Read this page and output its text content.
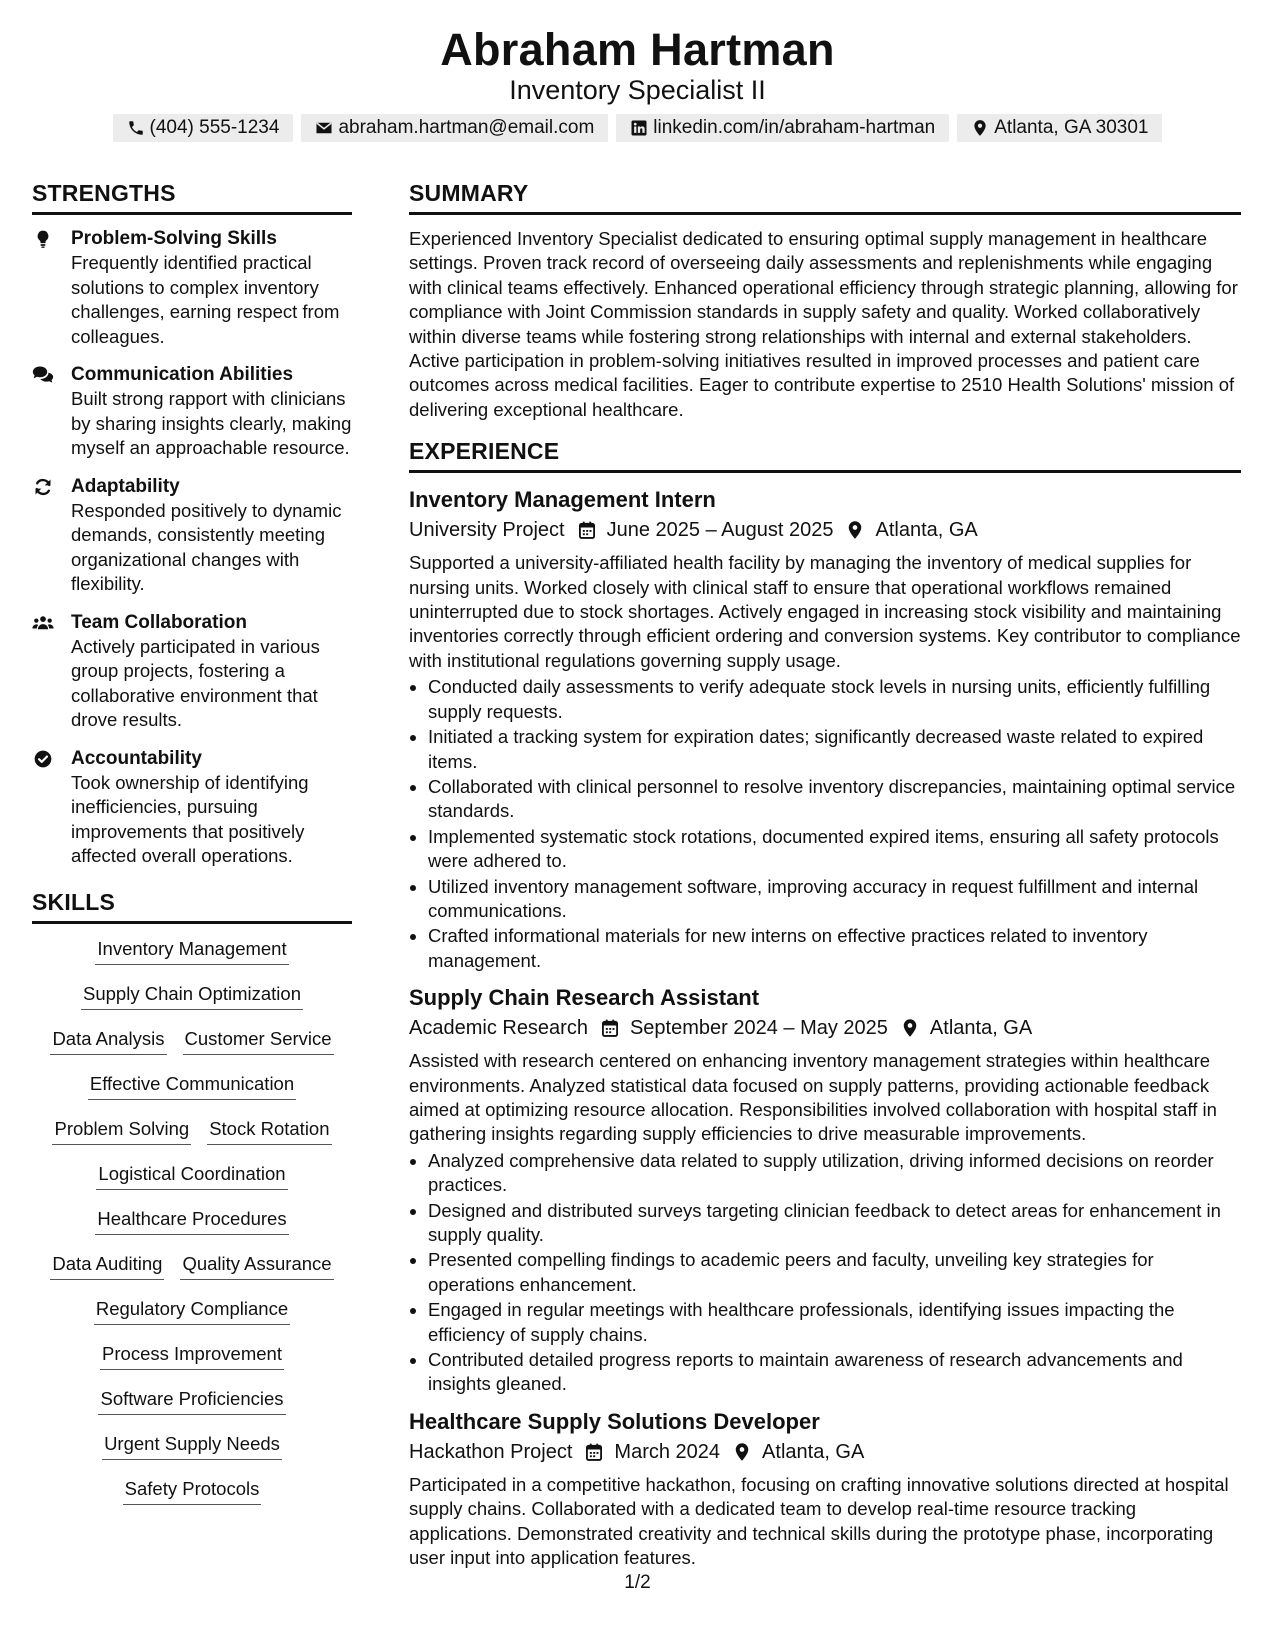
Abraham Hartman
Inventory Specialist II
(404) 555-1234	abraham.hartman@email.com	linkedin.com/in/abraham-hartman	Atlanta, GA 30301
STRENGTHS
Problem-Solving Skills
Frequently identified practical solutions to complex inventory challenges, earning respect from colleagues.
Communication Abilities
Built strong rapport with clinicians by sharing insights clearly, making myself an approachable resource.
Adaptability
Responded positively to dynamic demands, consistently meeting organizational changes with flexibility.
Team Collaboration
Actively participated in various group projects, fostering a collaborative environment that drove results.
Accountability
Took ownership of identifying inefficiencies, pursuing improvements that positively affected overall operations.
SKILLS
Inventory Management
Supply Chain Optimization
Data Analysis Customer Service
Effective Communication
Problem Solving Stock Rotation
Logistical Coordination
Healthcare Procedures
Data Auditing Quality Assurance
Regulatory Compliance
Process Improvement
Software Proficiencies
Urgent Supply Needs
Safety Protocols
SUMMARY
Experienced Inventory Specialist dedicated to ensuring optimal supply management in healthcare settings. Proven track record of overseeing daily assessments and replenishments while engaging with clinical teams effectively. Enhanced operational efficiency through strategic planning, allowing for compliance with Joint Commission standards in supply safety and quality. Worked collaboratively within diverse teams while fostering strong relationships with internal and external stakeholders. Active participation in problem-solving initiatives resulted in improved processes and patient care outcomes across medical facilities. Eager to contribute expertise to 2510 Health Solutions' mission of delivering exceptional healthcare.
EXPERIENCE
Inventory Management Intern
University Project June 2025 – August 2025 Atlanta, GA
Supported a university-affiliated health facility by managing the inventory of medical supplies for nursing units. Worked closely with clinical staff to ensure that operational workflows remained uninterrupted due to stock shortages. Actively engaged in increasing stock visibility and maintaining inventories correctly through efficient ordering and conversion systems. Key contributor to compliance with institutional regulations governing supply usage.
• Conducted daily assessments to verify adequate stock levels in nursing units, efficiently fulfilling supply requests.
• Initiated a tracking system for expiration dates; significantly decreased waste related to expired items.
• Collaborated with clinical personnel to resolve inventory discrepancies, maintaining optimal service standards.
• Implemented systematic stock rotations, documented expired items, ensuring all safety protocols were adhered to.
• Utilized inventory management software, improving accuracy in request fulfillment and internal communications.
• Crafted informational materials for new interns on effective practices related to inventory management.
Supply Chain Research Assistant
Academic Research September 2024 – May 2025 Atlanta, GA
Assisted with research centered on enhancing inventory management strategies within healthcare environments. Analyzed statistical data focused on supply patterns, providing actionable feedback aimed at optimizing resource allocation. Responsibilities involved collaboration with hospital staff in gathering insights regarding supply efficiencies to drive measurable improvements.
• Analyzed comprehensive data related to supply utilization, driving informed decisions on reorder practices.
• Designed and distributed surveys targeting clinician feedback to detect areas for enhancement in supply quality.
• Presented compelling findings to academic peers and faculty, unveiling key strategies for operations enhancement.
• Engaged in regular meetings with healthcare professionals, identifying issues impacting the efficiency of supply chains.
• Contributed detailed progress reports to maintain awareness of research advancements and insights gleaned.
Healthcare Supply Solutions Developer
Hackathon Project March 2024 Atlanta, GA
Participated in a competitive hackathon, focusing on crafting innovative solutions directed at hospital supply chains. Collaborated with a dedicated team to develop real-time resource tracking applications. Demonstrated creativity and technical skills during the prototype phase, incorporating user input into application features.
1/2
